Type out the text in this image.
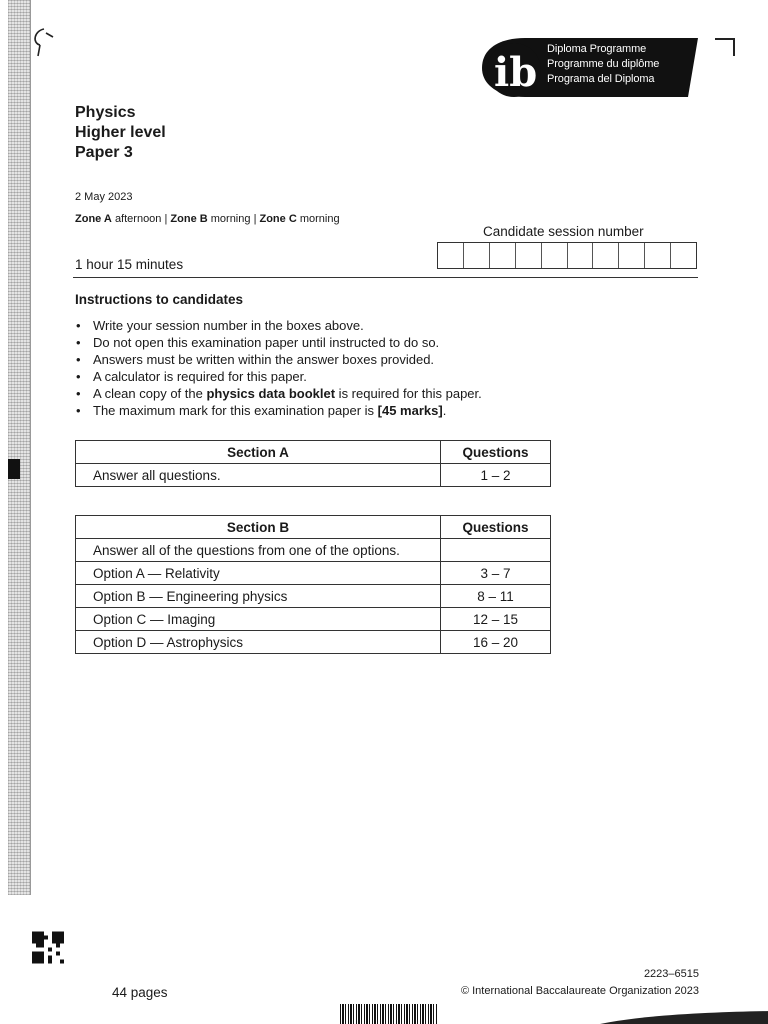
ib Diploma Programme
Programme du diplôme
Programa del Diploma
Physics
Higher level
Paper 3
2 May 2023
Zone A afternoon | Zone B morning | Zone C morning
Candidate session number
1 hour 15 minutes
Instructions to candidates
• Write your session number in the boxes above.
• Do not open this examination paper until instructed to do so.
• Answers must be written within the answer boxes provided.
• A calculator is required for this paper.
• A clean copy of the physics data booklet is required for this paper.
• The maximum mark for this examination paper is [45 marks].
Section A	Questions
Answer all questions.	1 – 2
Section B	Questions
Answer all of the questions from one of the options.	
Option A — Relativity	3 – 7
Option B — Engineering physics	8 – 11
Option C — Imaging	12 – 15
Option D — Astrophysics	16 – 20
44 pages
2223–6515
© International Baccalaureate Organization 2023
